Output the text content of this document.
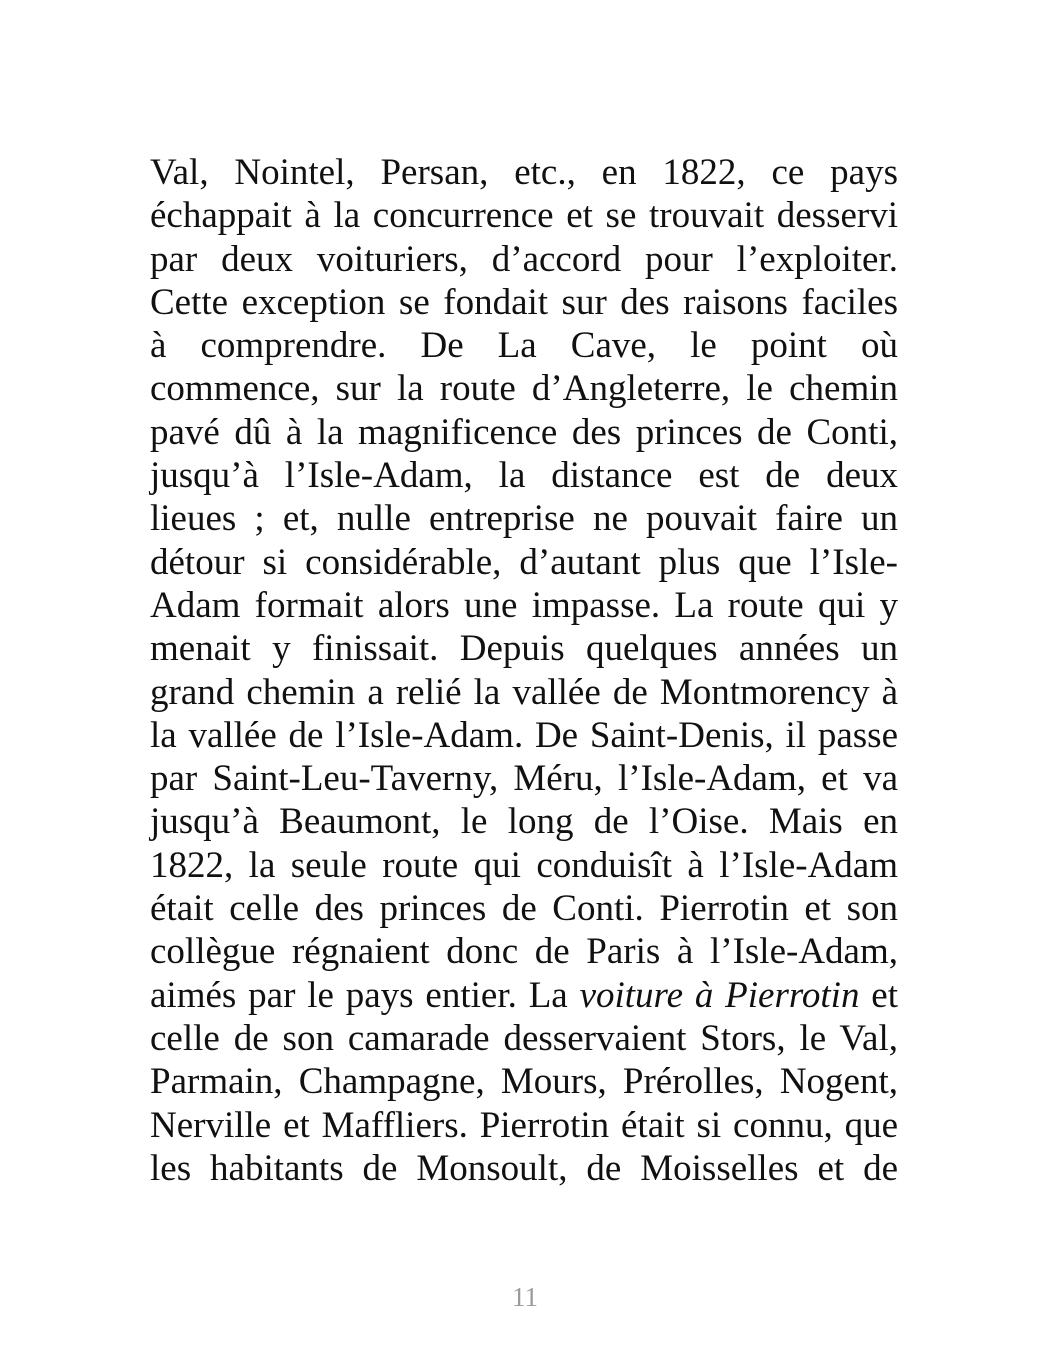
Val, Nointel, Persan, etc., en 1822, ce pays
échappait à la concurrence et se trouvait desservi
par deux voituriers, d’accord pour l’exploiter.
Cette exception se fondait sur des raisons faciles
à comprendre. De La Cave, le point où
commence, sur la route d’Angleterre, le chemin
pavé dû à la magnificence des princes de Conti,
jusqu’à l’Isle-Adam, la distance est de deux
lieues ; et, nulle entreprise ne pouvait faire un
détour si considérable, d’autant plus que l’Isle-
Adam formait alors une impasse. La route qui y
menait y finissait. Depuis quelques années un
grand chemin a relié la vallée de Montmorency à
la vallée de l’Isle-Adam. De Saint-Denis, il passe
par Saint-Leu-Taverny, Méru, l’Isle-Adam, et va
jusqu’à Beaumont, le long de l’Oise. Mais en
1822, la seule route qui conduisît à l’Isle-Adam
était celle des princes de Conti. Pierrotin et son
collègue régnaient donc de Paris à l’Isle-Adam,
aimés par le pays entier. La voiture à Pierrotin et
celle de son camarade desservaient Stors, le Val,
Parmain, Champagne, Mours, Prérolles, Nogent,
Nerville et Maffliers. Pierrotin était si connu, que
les habitants de Monsoult, de Moisselles et de
11
